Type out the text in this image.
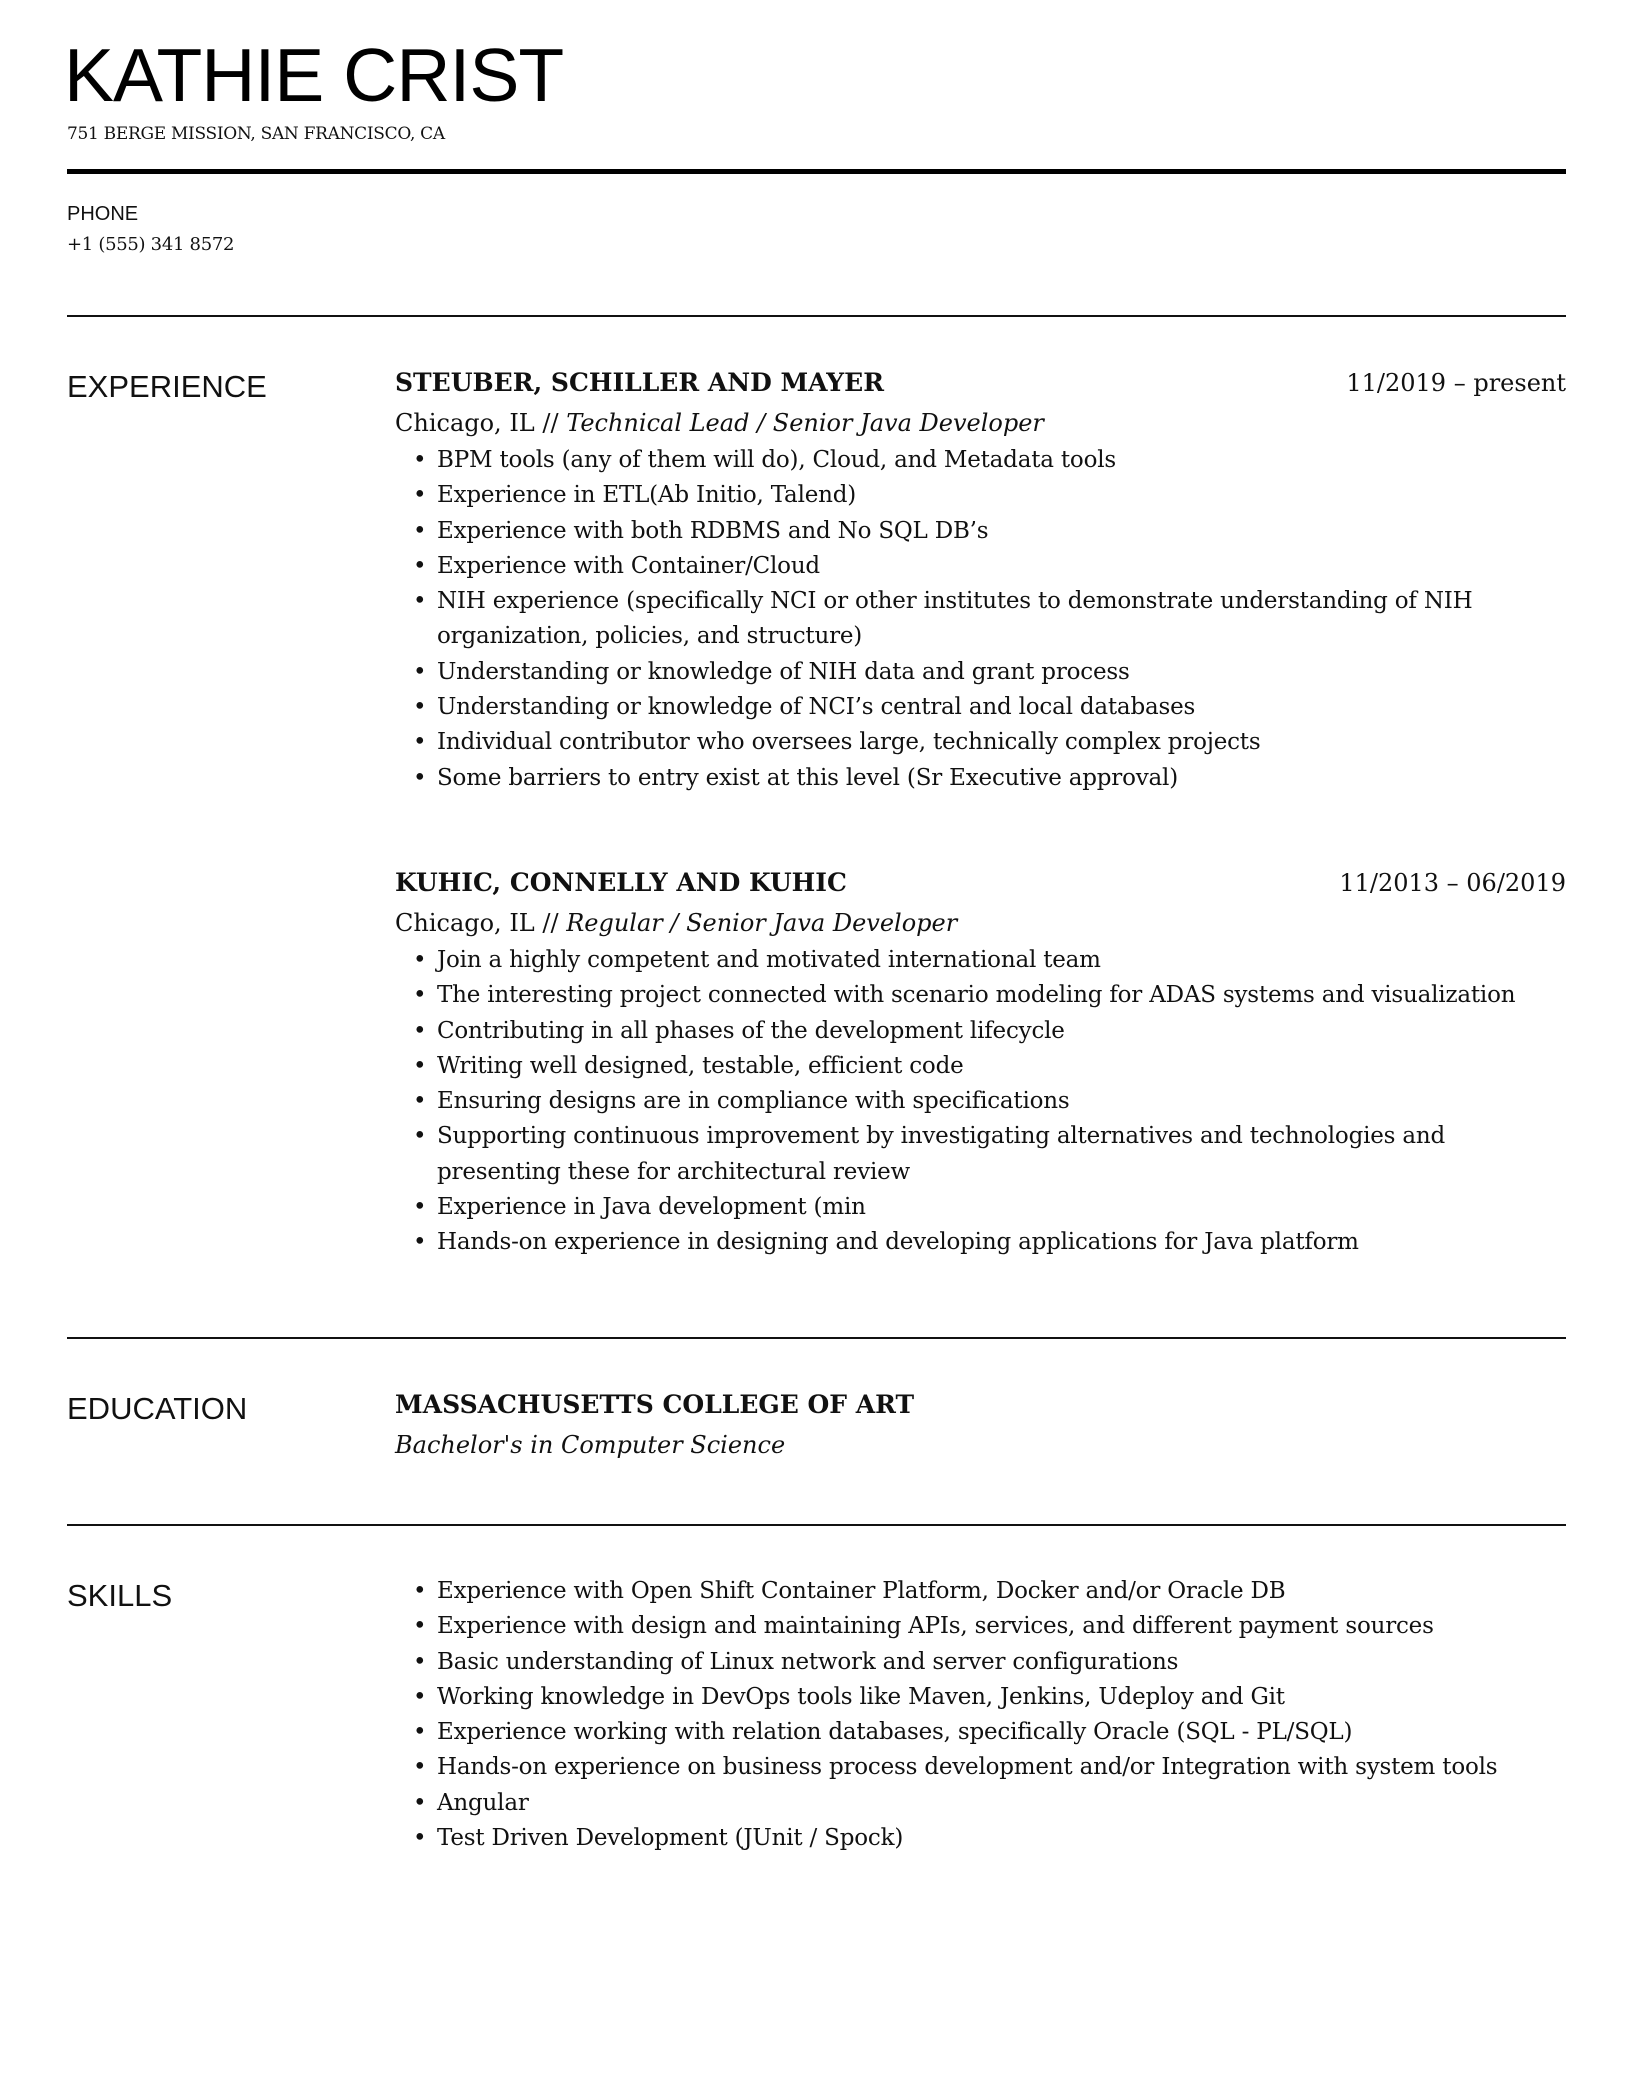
KATHIE CRIST
751 BERGE MISSION, SAN FRANCISCO, CA
PHONE
+1 (555) 341 8572
EXPERIENCE	STEUBER, SCHILLER AND MAYER	11/2019 – present
Chicago, IL // Technical Lead / Senior Java Developer
• BPM tools (any of them will do), Cloud, and Metadata tools
• Experience in ETL(Ab Initio, Talend)
• Experience with both RDBMS and No SQL DB’s
• Experience with Container/Cloud
• NIH experience (specifically NCI or other institutes to demonstrate understanding of NIH organization, policies, and structure)
• Understanding or knowledge of NIH data and grant process
• Understanding or knowledge of NCI’s central and local databases
• Individual contributor who oversees large, technically complex projects
• Some barriers to entry exist at this level (Sr Executive approval)
KUHIC, CONNELLY AND KUHIC	11/2013 – 06/2019
Chicago, IL // Regular / Senior Java Developer
• Join a highly competent and motivated international team
• The interesting project connected with scenario modeling for ADAS systems and visualization
• Contributing in all phases of the development lifecycle
• Writing well designed, testable, efficient code
• Ensuring designs are in compliance with specifications
• Supporting continuous improvement by investigating alternatives and technologies and presenting these for architectural review
• Experience in Java development (min
• Hands-on experience in designing and developing applications for Java platform
EDUCATION	MASSACHUSETTS COLLEGE OF ART
Bachelor's in Computer Science
SKILLS	• Experience with Open Shift Container Platform, Docker and/or Oracle DB
• Experience with design and maintaining APIs, services, and different payment sources
• Basic understanding of Linux network and server configurations
• Working knowledge in DevOps tools like Maven, Jenkins, Udeploy and Git
• Experience working with relation databases, specifically Oracle (SQL - PL/SQL)
• Hands-on experience on business process development and/or Integration with system tools
• Angular
• Test Driven Development (JUnit / Spock)
